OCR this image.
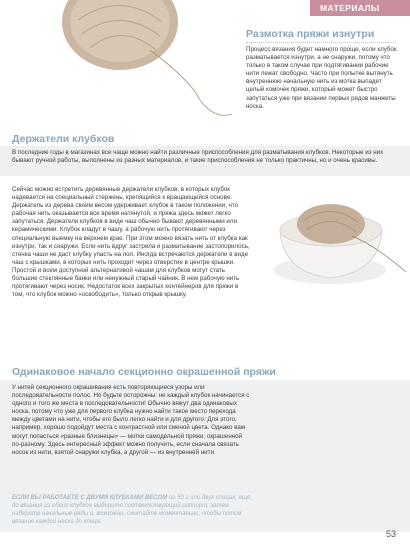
МАТЕРИАЛЫ
Размотка пряжи изнутри

Процесс вязания будет намного проще, если клубок разматывается изнутри, а не снаружи, потому что только в таком случае при подтягивании рабочие нити лежат свободно. Часто при попытке вытянуть внутреннюю начальную нить из мотка выпадет целый комочек пряжи, который может быстро запутаться уже при вязании первых рядов манжеты носка.

Держатели клубков

В последние годы в магазинах все чаще можно найти различные приспособления для разматывания клубков. Некоторые из них бывают ручной работы, выполнены из разных материалов, и такие приспособления не только практичны, но и очень красивы.

Сейчас можно встретить деревянные держатели клубков, в которых клубок надевается на специальный стержень, крепящийся к вращающейся основе. Держатель из дерева своим весом удерживает клубок в таком положении, что рабочая нить оказывается все время натянутой, и пряжа здесь может легко запутаться. Держатели клубков в виде чаш обычно бывают деревянными или керамическими. Клубок кладут в чашу, а рабочую нить протягивают через специальную выемку на верхнем крае. При этом можно вязать нить от клубка как изнутри, так и снаружи. Если нить вдруг застряла и разматывание застопорилось, стенка чаши не даст клубку упасть на пол. Иногда встречаются держатели в виде чаш с крышками, в которых нить проходит через отверстие в центре крышки. Простой и всем доступной альтернативой чашам для клубков могут стать большие стеклянные банки или ненужный старый чайник. В нем рабочую нить протягивают через носик. Недостаток всех закрытых контейнеров для пряжи в том, что клубок можно «освободить», только открыв крышку.

Одинаковое начало секционно окрашенной пряжи

У нитей секционного окрашивания есть повторяющиеся узоры или последовательности полос. Но будьте осторожны: не каждый клубок начинается с одного и того же места в последовательности! Обычно вяжут два одинаковых носка, потому что уже для первого клубка нужно найти такое место перехода между цветами на нити, чтобы его было легко найти и для другого. Для этого, например, хорошо подойдут места с контрастной или сменой цвета. Однако вам могут попасться «разные близнецы» — мотки самодельной пряжи, окрашенной по-разному. Здесь интересный эффект можно получить, если сначала связать носок из нити, взятой снаружи клубка, а другой — из внутренней нити.

ЕСЛИ ВЫ РАБОТАЕТЕ С ДВУМЯ КЛУБКАМИ ВЕСОМ по 50 г или двух спицах, еще до вязания из обеих клубков выберите соответствующий раппорт, затем наберите начальные ряды и, возможно, смотайте моментально, чтобы потом вязание каждой носка до конца.

53
